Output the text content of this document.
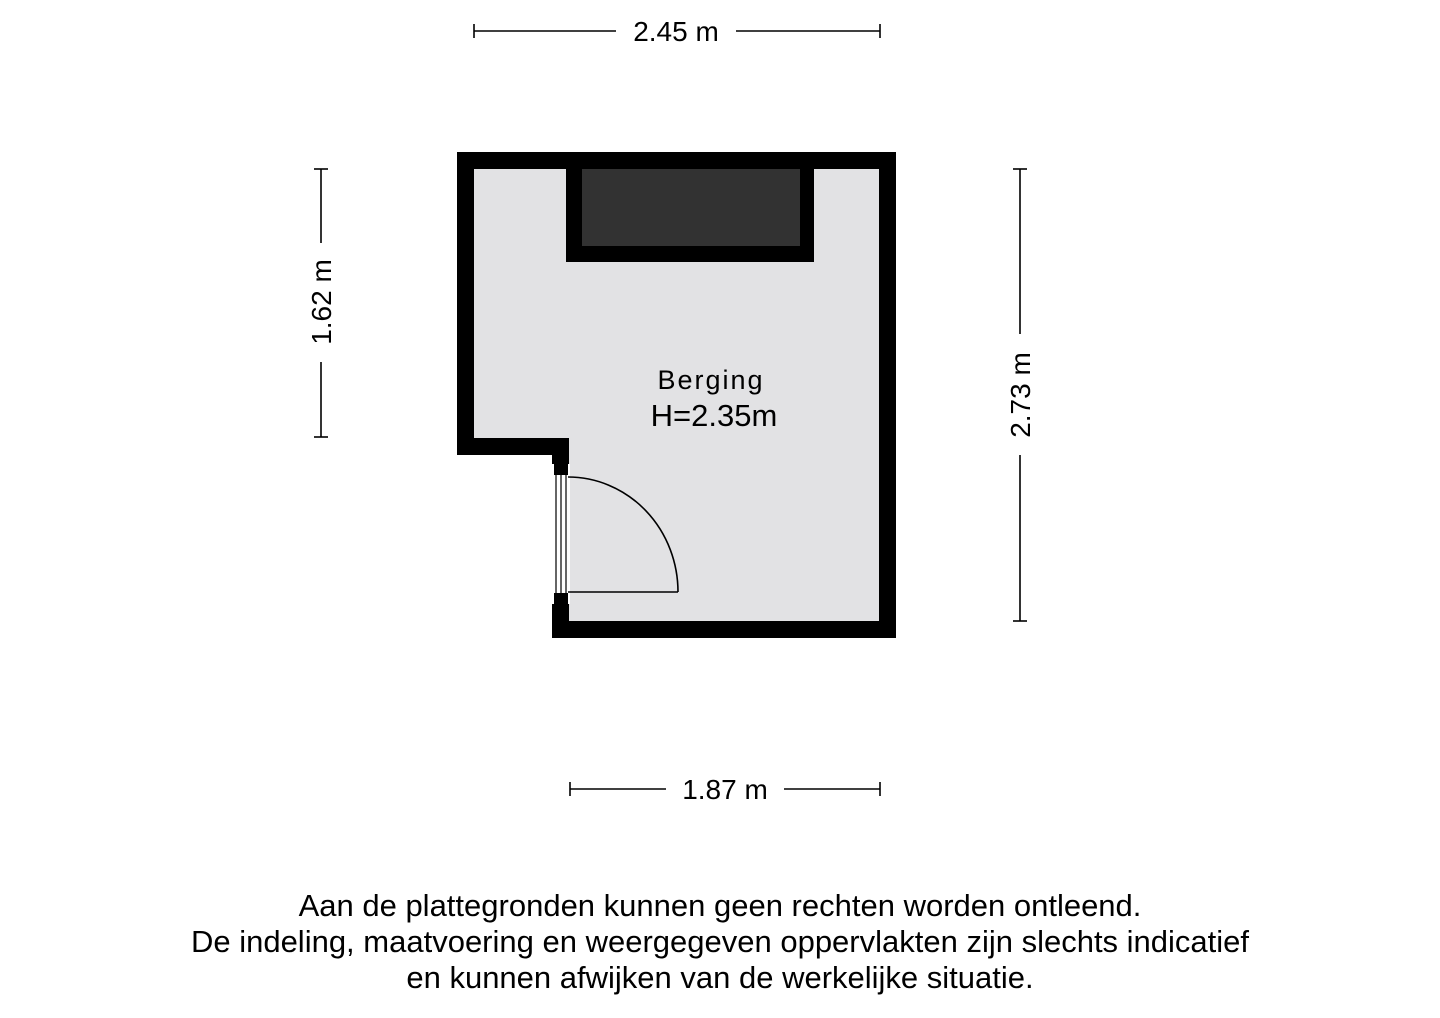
2.45 m
1.87 m
1.62 m
2.73 m
Berging
H=2.35m
Aan de plattegronden kunnen geen rechten worden ontleend.
De indeling, maatvoering en weergegeven oppervlakten zijn slechts indicatief
en kunnen afwijken van de werkelijke situatie.
